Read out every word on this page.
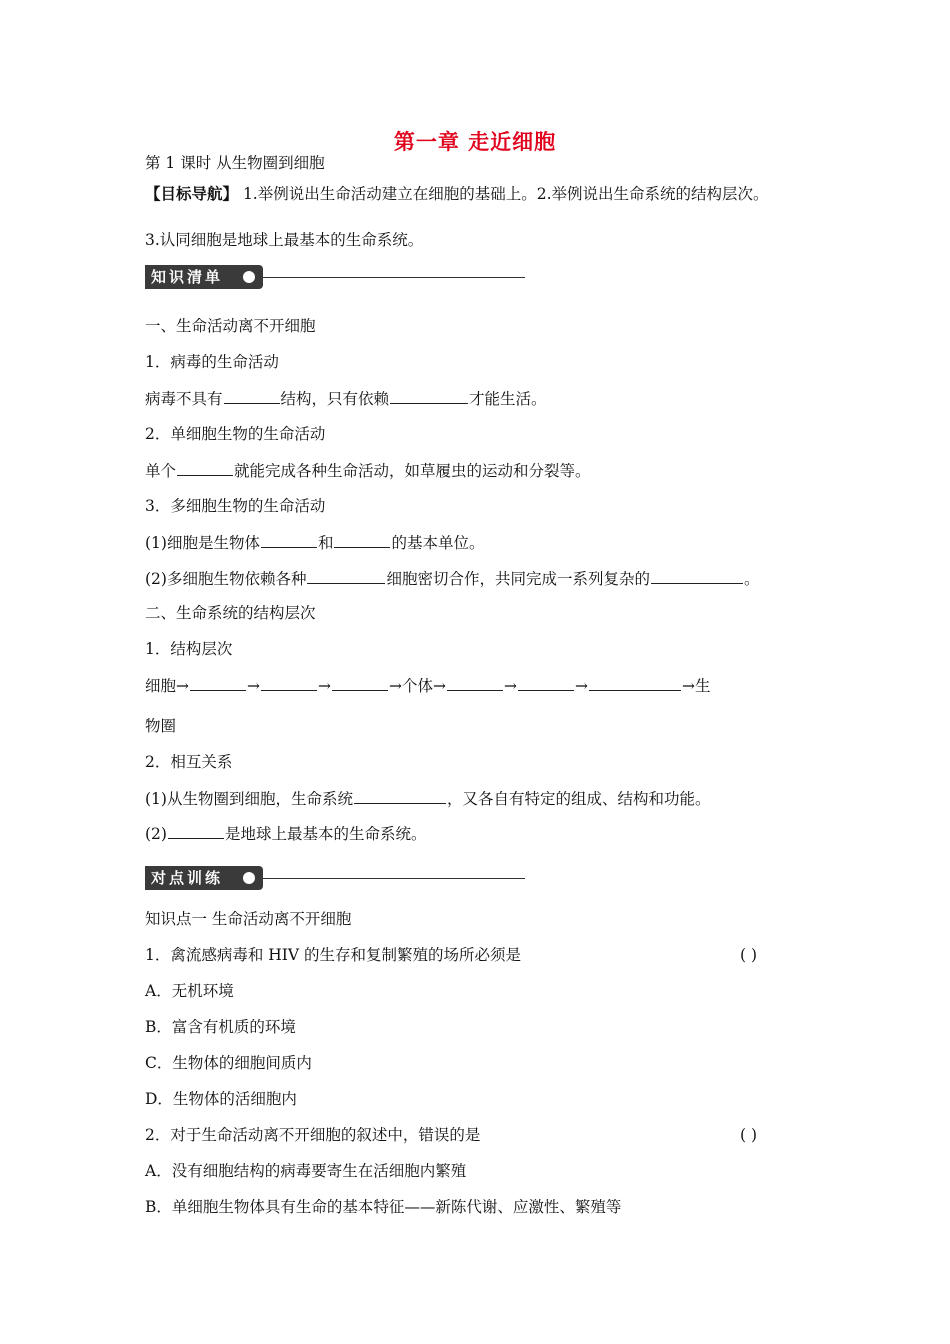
第一章 走近细胞
第 1 课时 从生物圈到细胞
【目标导航】 1.举例说出生命活动建立在细胞的基础上。2.举例说出生命系统的结构层次。
3.认同细胞是地球上最基本的生命系统。
知识清单
一、生命活动离不开细胞
1．病毒的生命活动
病毒不具有	结构，只有依赖	才能生活。
2．单细胞生物的生命活动
单个	就能完成各种生命活动，如草履虫的运动和分裂等。
3．多细胞生物的生命活动
(1)细胞是生物体	和	的基本单位。
(2)多细胞生物依赖各种	细胞密切合作，共同完成一系列复杂的	。
二、生命系统的结构层次
1．结构层次
细胞→	→	→	→个体→	→	→	→生
物圈
2．相互关系
(1)从生物圈到细胞，生命系统	，又各自有特定的组成、结构和功能。
(2)	是地球上最基本的生命系统。
对点训练
知识点一 生命活动离不开细胞
1．禽流感病毒和 HIV 的生存和复制繁殖的场所必须是	( )
A．无机环境
B．富含有机质的环境
C．生物体的细胞间质内
D．生物体的活细胞内
2．对于生命活动离不开细胞的叙述中，错误的是	( )
A．没有细胞结构的病毒要寄生在活细胞内繁殖
B．单细胞生物体具有生命的基本特征——新陈代谢、应激性、繁殖等
